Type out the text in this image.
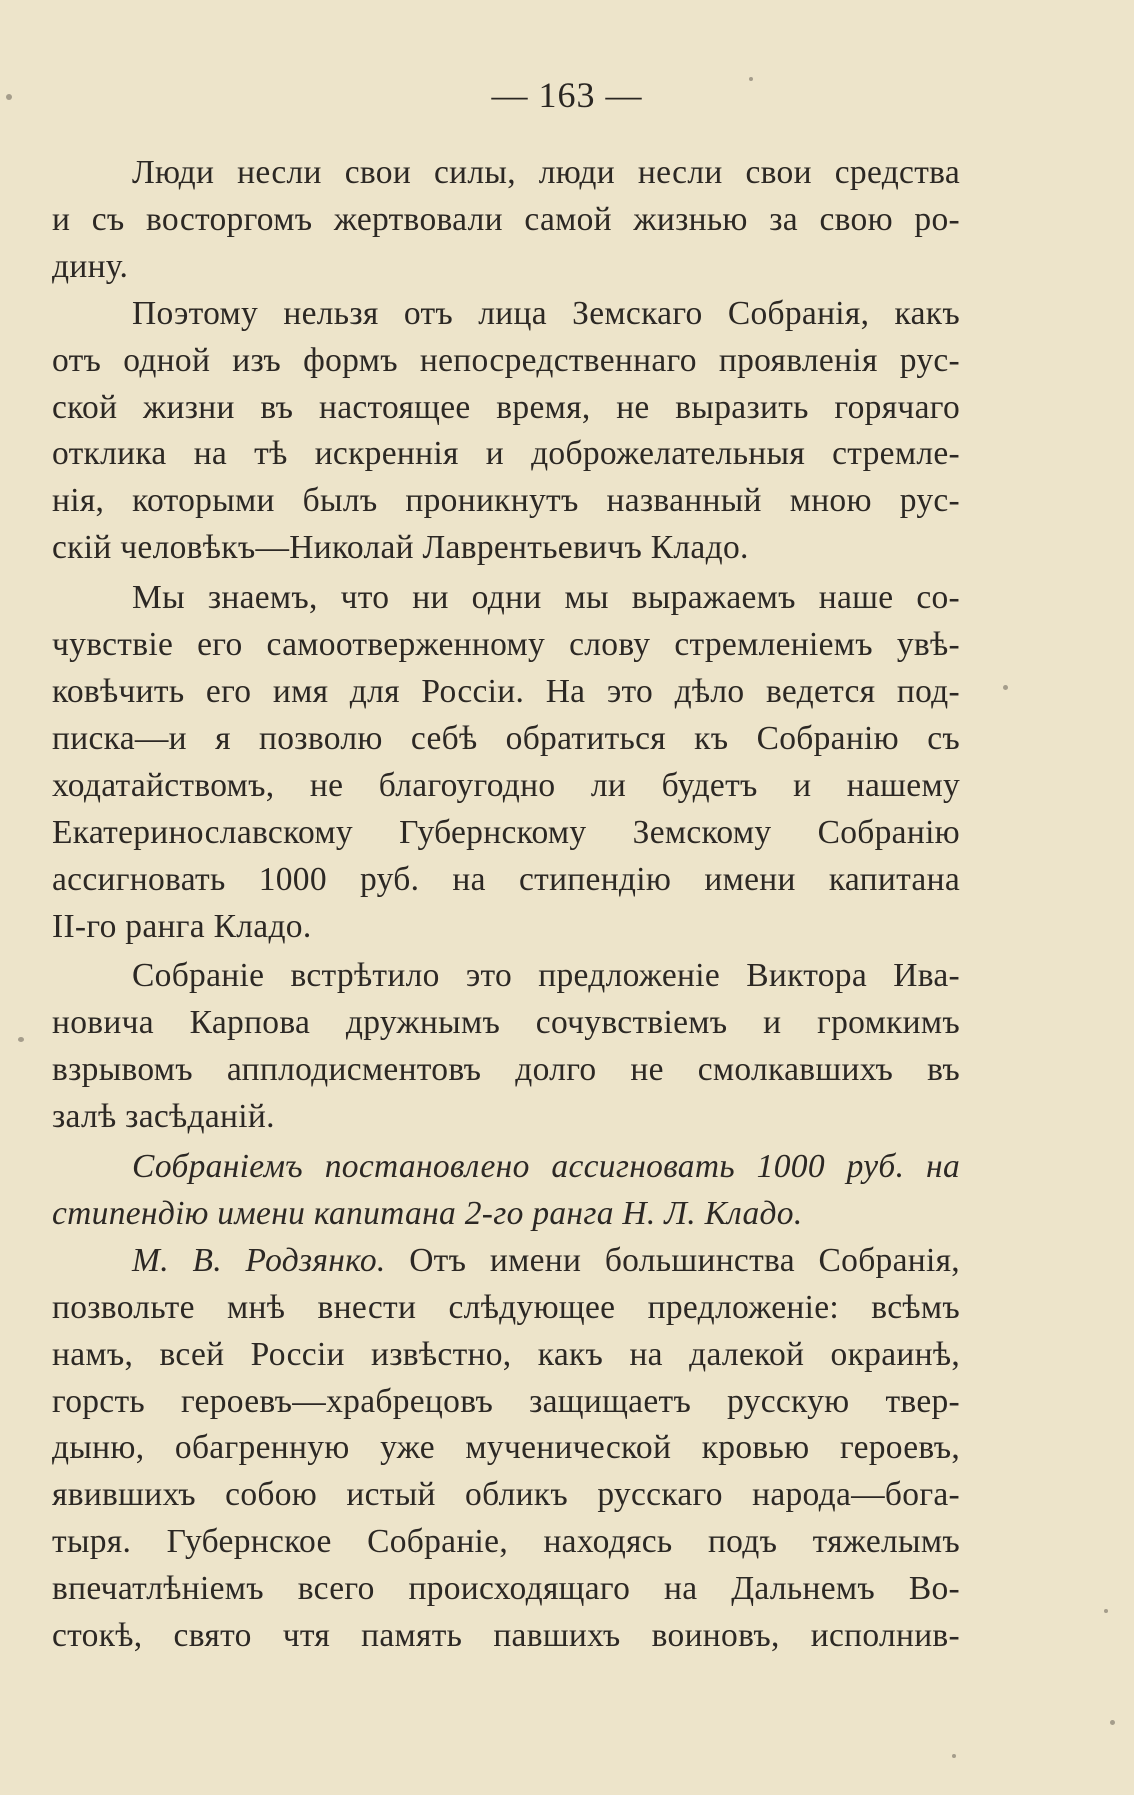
— 163 —
Люди несли свои силы, люди несли свои средства
и съ восторгомъ жертвовали самой жизнью за свою ро-
дину.
Поэтому нельзя отъ лица Земскаго Собранія, какъ
отъ одной изъ формъ непосредственнаго проявленія рус-
ской жизни въ настоящее время, не выразить горячаго
отклика на тѣ искреннія и доброжелательныя стремле-
нія, которыми былъ проникнутъ названный мною рус-
скій человѣкъ—Николай Лаврентьевичъ Кладо.
Мы знаемъ, что ни одни мы выражаемъ наше со-
чувствіе его самоотверженному слову стремленіемъ увѣ-
ковѣчить его имя для Россіи. На это дѣло ведется под-
писка—и я позволю себѣ обратиться къ Собранію съ
ходатайствомъ, не благоугодно ли будетъ и нашему
Екатеринославскому Губернскому Земскому Собранію
ассигновать 1000 руб. на стипендію имени капитана
II-го ранга Кладо.
Собраніе встрѣтило это предложеніе Виктора Ива-
новича Карпова дружнымъ сочувствіемъ и громкимъ
взрывомъ апплодисментовъ долго не смолкавшихъ въ
залѣ засѣданій.
Собраніемъ постановлено ассигновать 1000 руб. на
стипендію имени капитана 2-го ранга Н. Л. Кладо.
М. В. Родзянко. Отъ имени большинства Собранія,
позвольте мнѣ внести слѣдующее предложеніе: всѣмъ
намъ, всей Россіи извѣстно, какъ на далекой окраинѣ,
горсть героевъ—храбрецовъ защищаетъ русскую твер-
дыню, обагренную уже мученической кровью героевъ,
явившихъ собою истый обликъ русскаго народа—бога-
тыря. Губернское Собраніе, находясь подъ тяжелымъ
впечатлѣніемъ всего происходящаго на Дальнемъ Во-
стокѣ, свято чтя память павшихъ воиновъ, исполнив-
